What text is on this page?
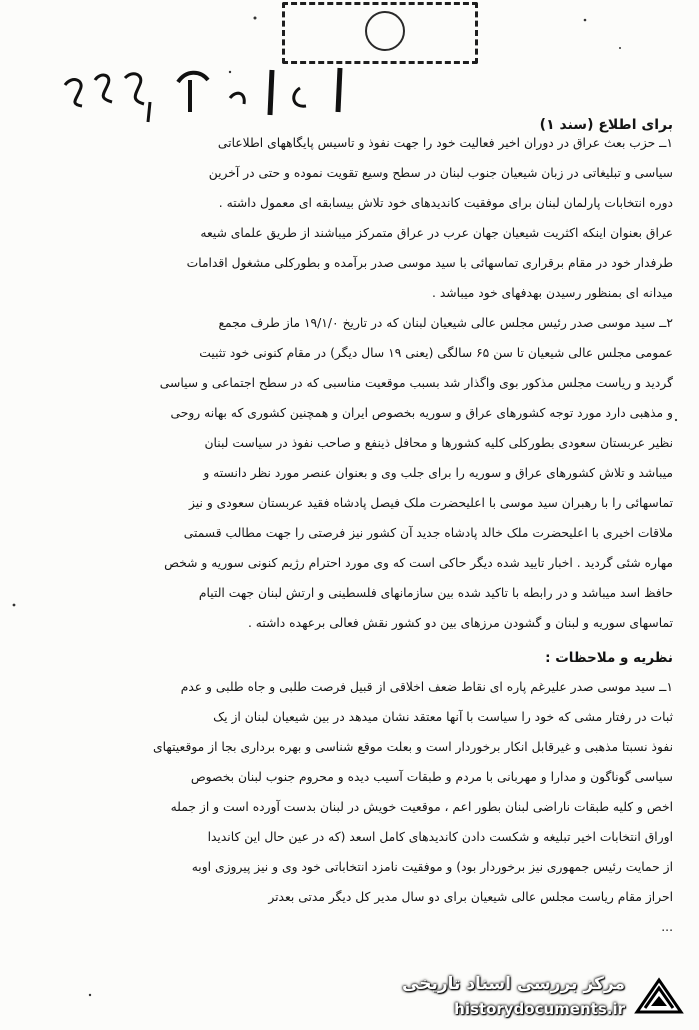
برای اطلاع (سند ۱)
۱ــ حزب بعث عراق در دوران اخیر فعالیت خود را جهت نفوذ و تاسیس پایگاههای اطلاعاتی
سیاسی و تبلیغاتی در زبان شیعیان جنوب لبنان در سطح وسیع تقویت نموده و حتی در آخرین
دوره انتخابات پارلمان لبنان برای موفقیت کاندیدهای خود تلاش بیسابقه ای معمول داشته .
عراق بعنوان اینکه اکثریت شیعیان جهان عرب در عراق متمرکز میباشند از طریق علمای شیعه
طرفدار خود در مقام برقراری تماسهائی با سید موسی صدر برآمده و بطورکلی مشغول اقدامات
میدانه ای بمنظور رسیدن بهدفهای خود میباشد .
۲ــ سید موسی صدر رئیس مجلس عالی شیعیان لبنان که در تاریخ ۱۹/۱/۰ ماز طرف مجمع
عمومی مجلس عالی شیعیان تا سن ۶۵ سالگی (یعنی ۱۹ سال دیگر) در مقام کنونی خود تثبیت
گردید و ریاست مجلس مذکور بوی واگذار شد بسبب موقعیت مناسبی که در سطح اجتماعی و سیاسی
و مذهبی دارد مورد توجه کشورهای عراق و سوریه بخصوص ایران و همچنین کشوری که بهانه روحی
نظیر عربستان سعودی بطورکلی کلیه کشورها و محافل ذینفع و صاحب نفوذ در سیاست لبنان
میباشد و تلاش کشورهای عراق و سوریه را برای جلب وی و بعنوان عنصر مورد نظر دانسته و
تماسهائی را با رهبران سید موسی با اعلیحضرت ملک فیصل پادشاه فقید عربستان سعودی و نیز
ملاقات اخیری با اعلیحضرت ملک خالد پادشاه جدید آن کشور نیز فرصتی را جهت مطالب قسمتی
مهاره شئی گردید . اخبار تایید شده دیگر حاکی است که وی مورد احترام رژیم کنونی سوریه و شخص
حافظ اسد میباشد و در رابطه با تاکید شده بین سازمانهای فلسطینی و ارتش لبنان جهت التیام
تماسهای سوریه و لبنان و گشودن مرزهای بین دو کشور نقش فعالی برعهده داشته .
نظریه و ملاحظات :
۱ــ سید موسی صدر علیرغم پاره ای نقاط ضعف اخلاقی از قبیل فرصت طلبی و جاه طلبی و عدم
ثبات در رفتار مشی که خود را سیاست با آنها معتقد نشان میدهد در بین شیعیان لبنان از یک
نفوذ نسبتا مذهبی و غیرقابل انکار برخوردار است و بعلت موقع شناسی و بهره برداری بجا از موقعیتهای
سیاسی گوناگون و مدارا و مهربانی با مردم و طبقات آسیب دیده و محروم جنوب لبنان بخصوص
اخص و کلیه طبقات ناراضی لبنان بطور اعم ، موقعیت خویش در لبنان بدست آورده است و از جمله
اوراق انتخابات اخیر تبلیغه و شکست دادن کاندیدهای کامل اسعد (که در عین حال این کاندیدا
از حمایت رئیس جمهوری نیز برخوردار بود) و موفقیت نامزد انتخاباتی خود وی و نیز پیروزی اوبه
احراز مقام ریاست مجلس عالی شیعیان برای دو سال مدیر کل دیگر مدتی بعدتر
...
مرکز بررسی اسناد تاریخی
historydocuments.ir
